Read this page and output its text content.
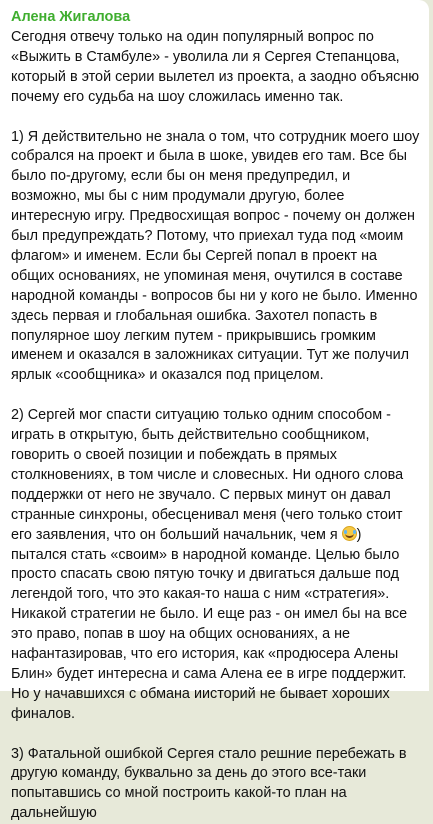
Алена Жигалова

Сегодня отвечу только на один популярный вопрос по «Выжить в Стамбуле» - уволила ли я Сергея Степанцова, который в этой серии вылетел из проекта, а заодно объясню почему его судьба на шоу сложилась именно так.

1) Я действительно не знала о том, что сотрудник моего шоу собрался на проект и была в шоке, увидев его там. Все бы было по-другому, если бы он меня предупредил, и возможно, мы бы с ним продумали другую, более интересную игру. Предвосхищая вопрос - почему он должен был предупреждать? Потому, что приехал туда под «моим флагом» и именем. Если бы Сергей попал в проект на общих основаниях, не упоминая меня, очутился в составе народной команды - вопросов бы ни у кого не было. Именно здесь первая и глобальная ошибка. Захотел попасть в популярное шоу легким путем - прикрывшись громким именем и оказался в заложниках ситуации. Тут же получил ярлык «сообщника» и оказался под прицелом.

2) Сергей мог спасти ситуацию только одним способом - играть в открытую, быть действительно сообщником, говорить о своей позиции и побеждать в прямых столкновениях, в том числе и словесных. Ни одного слова поддержки от него не звучало. С первых минут он давал странные синхроны, обесценивал меня (чего только стоит его заявления, что он больший начальник, чем я ) пытался стать «своим» в народной команде. Целью было просто спасать свою пятую точку и двигаться дальше под легендой того, что это какая-то наша с ним «стратегия». Никакой стратегии не было. И еще раз - он имел бы на все это право, попав в шоу на общих основаниях, а не нафантазировав, что его история, как «продюсера Алены Блин» будет интересна и сама Алена ее в игре поддержит. Но у начавшихся с обмана иисторий не бывает хороших финалов.

3) Фатальной ошибкой Сергея стало решние перебежать в другую команду, буквально за день до этого все-таки попытавшись со мной построить какой-то план на дальнейшую
